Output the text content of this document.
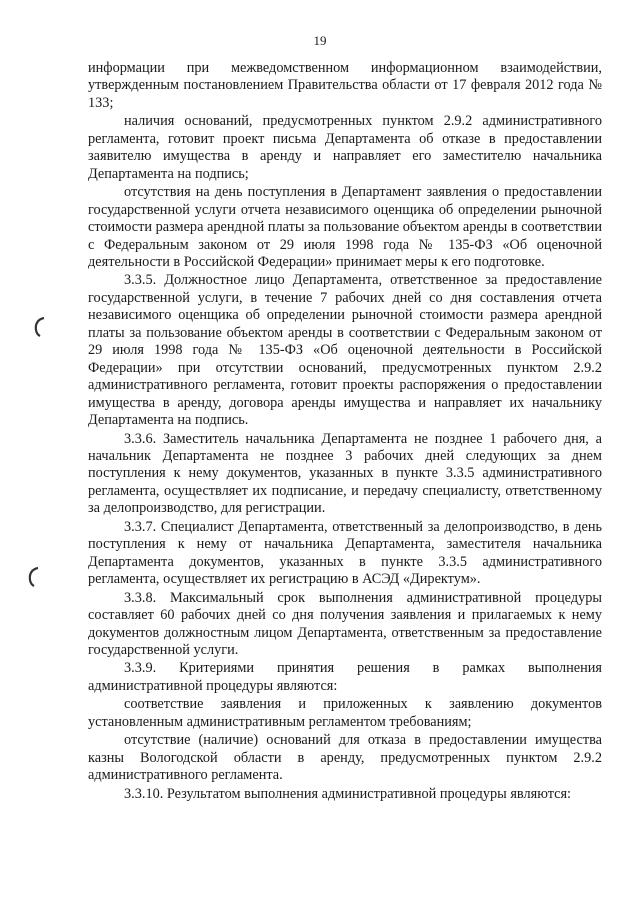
19

информации при межведомственном информационном взаимодействии, утвержденным постановлением Правительства области от 17 февраля 2012 года № 133;

наличия оснований, предусмотренных пунктом 2.9.2 административного регламента, готовит проект письма Департамента об отказе в предоставлении заявителю имущества в аренду и направляет его заместителю начальника Департамента на подпись;

отсутствия на день поступления в Департамент заявления о предоставлении государственной услуги отчета независимого оценщика об определении рыночной стоимости размера арендной платы за пользование объектом аренды в соответствии с Федеральным законом от 29 июля 1998 года № 135-ФЗ «Об оценочной деятельности в Российской Федерации» принимает меры к его подготовке.

3.3.5. Должностное лицо Департамента, ответственное за предоставление государственной услуги, в течение 7 рабочих дней со дня составления отчета независимого оценщика об определении рыночной стоимости размера арендной платы за пользование объектом аренды в соответствии с Федеральным законом от 29 июля 1998 года № 135-ФЗ «Об оценочной деятельности в Российской Федерации» при отсутствии оснований, предусмотренных пунктом 2.9.2 административного регламента, готовит проекты распоряжения о предоставлении имущества в аренду, договора аренды имущества и направляет их начальнику Департамента на подпись.

3.3.6. Заместитель начальника Департамента не позднее 1 рабочего дня, а начальник Департамента не позднее 3 рабочих дней следующих за днем поступления к нему документов, указанных в пункте 3.3.5 административного регламента, осуществляет их подписание, и передачу специалисту, ответственному за делопроизводство, для регистрации.

3.3.7. Специалист Департамента, ответственный за делопроизводство, в день поступления к нему от начальника Департамента, заместителя начальника Департамента документов, указанных в пункте 3.3.5 административного регламента, осуществляет их регистрацию в АСЭД «Директум».

3.3.8. Максимальный срок выполнения административной процедуры составляет 60 рабочих дней со дня получения заявления и прилагаемых к нему документов должностным лицом Департамента, ответственным за предоставление государственной услуги.

3.3.9. Критериями принятия решения в рамках выполнения административной процедуры являются:

соответствие заявления и приложенных к заявлению документов установленным административным регламентом требованиям;

отсутствие (наличие) оснований для отказа в предоставлении имущества казны Вологодской области в аренду, предусмотренных пунктом 2.9.2 административного регламента.

3.3.10. Результатом выполнения административной процедуры являются:
